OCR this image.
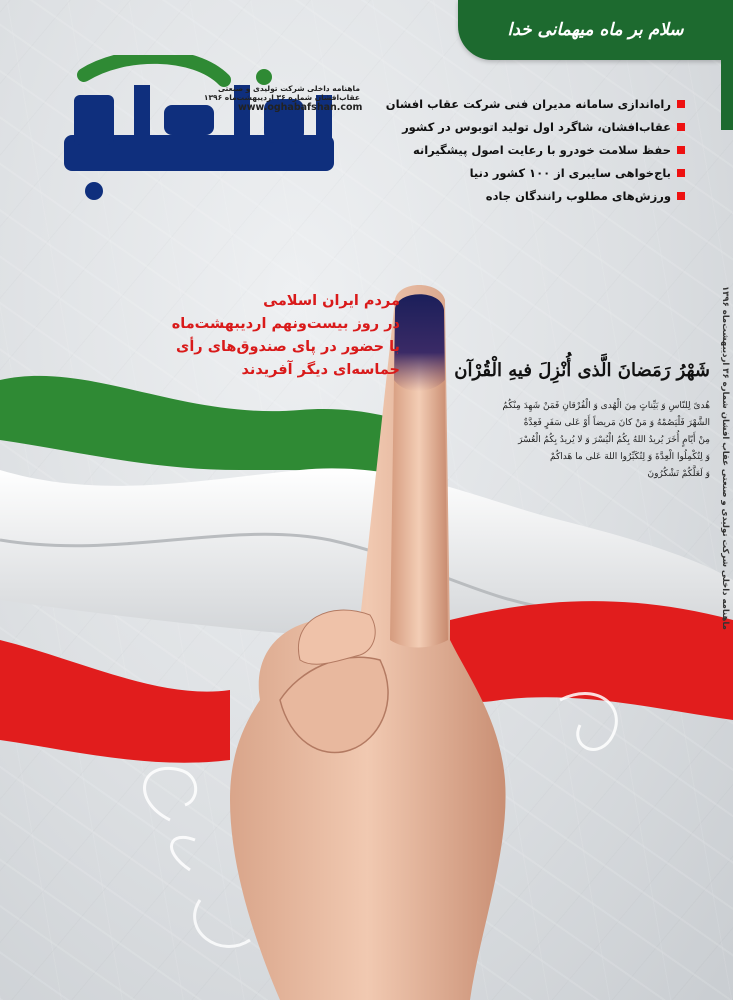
سلام بر ماه میهمانی خدا
ماهنامه داخلی شرکت تولیدی و صنعتی عقاب‌افشان شماره ۳۶ اردیبهشت‌ماه ۱۳۹۶
www.oghabafshan.com راه‌اندازی سامانه مدیران فنی شرکت عقاب افشان
عقاب‌افشان، شاگرد اول تولید اتوبوس در کشور
حفظ سلامت خودرو با رعایت اصول پیشگیرانه
باج‌خواهی سایبری از ۱۰۰ کشور دنیا
ورزش‌های مطلوب رانندگان جاده
مردم ایران اسلامی
در روز بیست‌ونهم اردیبهشت‌ماه
با حضور در پای صندوق‌های رأی
حماسه‌ای دیگر آفریدند	شَهْرُ رَمَضانَ الَّذی أُنْزِلَ فیهِ الْقُرْآن
هُدىً لِلنّاسِ وَ بَیِّناتٍ مِنَ الْهُدى‌ وَ الْفُرْقانِ فَمَنْ شَهِدَ مِنْکُمُ
الشَّهْرَ فَلْیَصُمْهُ وَ مَنْ کانَ مَریضاً أَوْ عَلى‌ سَفَرٍ فَعِدَّةٌ
مِنْ أَیّامٍ أُخَرَ یُریدُ اللهُ بِکُمُ الْیُسْرَ وَ لا یُریدُ بِکُمُ الْعُسْرَ
وَ لِتُکْمِلُوا الْعِدَّةَ وَ لِتُکَبِّرُوا اللهَ عَلى‌ ما هَداکُمْ
وَ لَعَلَّکُمْ تَشْکُرُونَ
ماهنامه داخلی شرکت تولیدی و صنعتی عقاب افشان شماره ۳۶ اردیبهشت‌ماه ۱۳۹۶
